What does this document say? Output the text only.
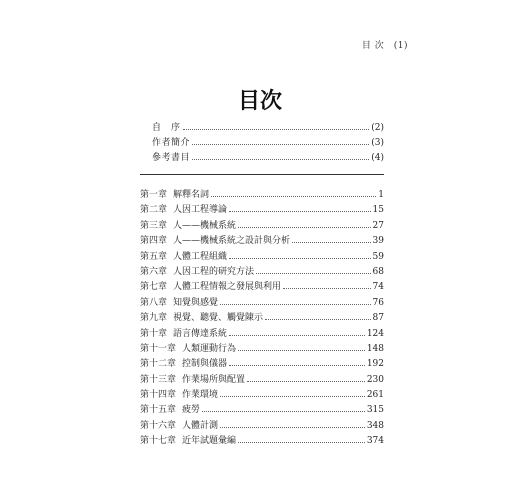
目 次　(1)
目次
自　序	(2)
作者簡介	(3)
參考書目	(4)
第一章 解釋名詞	1
第二章 人因工程導論	15
第三章 人——機械系統	27
第四章 人——機械系統之設計與分析	39
第五章 人體工程組織	59
第六章 人因工程的研究方法	68
第七章 人體工程情報之發展與利用	74
第八章 知覺與感覺	76
第九章 視覺、聽覺、觸覺陳示	87
第十章 語言傳達系統	124
第十一章 人類運動行為	148
第十二章 控制與儀器	192
第十三章 作業場所與配置	230
第十四章 作業環境	261
第十五章 疲勞	315
第十六章 人體計測	348
第十七章 近年試題彙編	374
